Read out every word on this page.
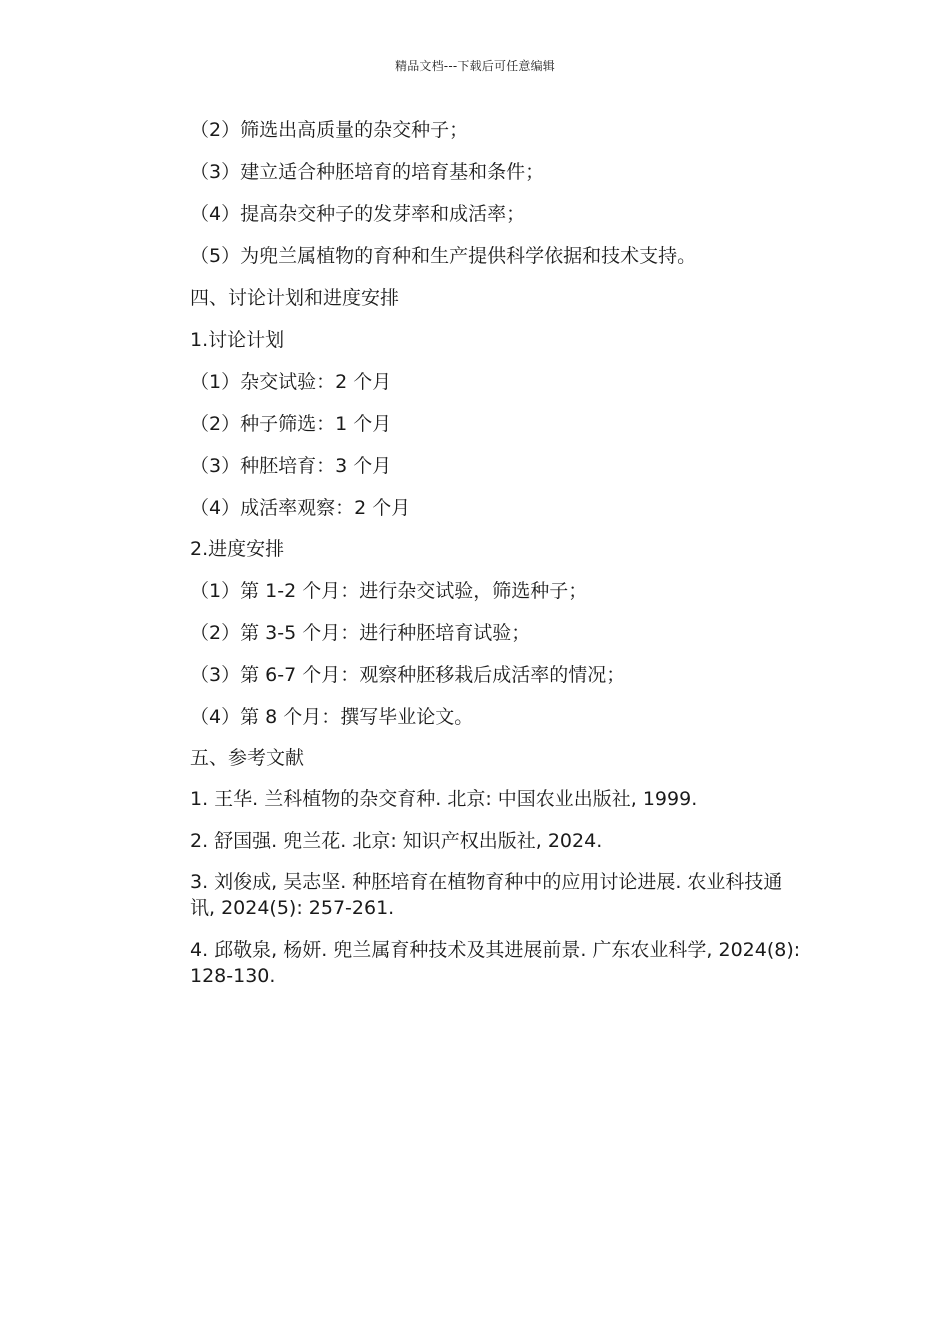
精品文档---下载后可任意编辑
（2）筛选出高质量的杂交种子；
（3）建立适合种胚培育的培育基和条件；
（4）提高杂交种子的发芽率和成活率；
（5）为兜兰属植物的育种和生产提供科学依据和技术支持。
四、讨论计划和进度安排
1.讨论计划
（1）杂交试验：2 个月
（2）种子筛选：1 个月
（3）种胚培育：3 个月
（4）成活率观察：2 个月
2.进度安排
（1）第 1-2 个月：进行杂交试验，筛选种子；
（2）第 3-5 个月：进行种胚培育试验；
（3）第 6-7 个月：观察种胚移栽后成活率的情况；
（4）第 8 个月：撰写毕业论文。
五、参考文献
1. 王华. 兰科植物的杂交育种. 北京: 中国农业出版社, 1999.
2. 舒国强. 兜兰花. 北京: 知识产权出版社, 2024.
3. 刘俊成, 吴志坚. 种胚培育在植物育种中的应用讨论进展. 农业科技通讯, 2024(5): 257-261.
4. 邱敬泉, 杨妍. 兜兰属育种技术及其进展前景. 广东农业科学, 2024(8): 128-130.
